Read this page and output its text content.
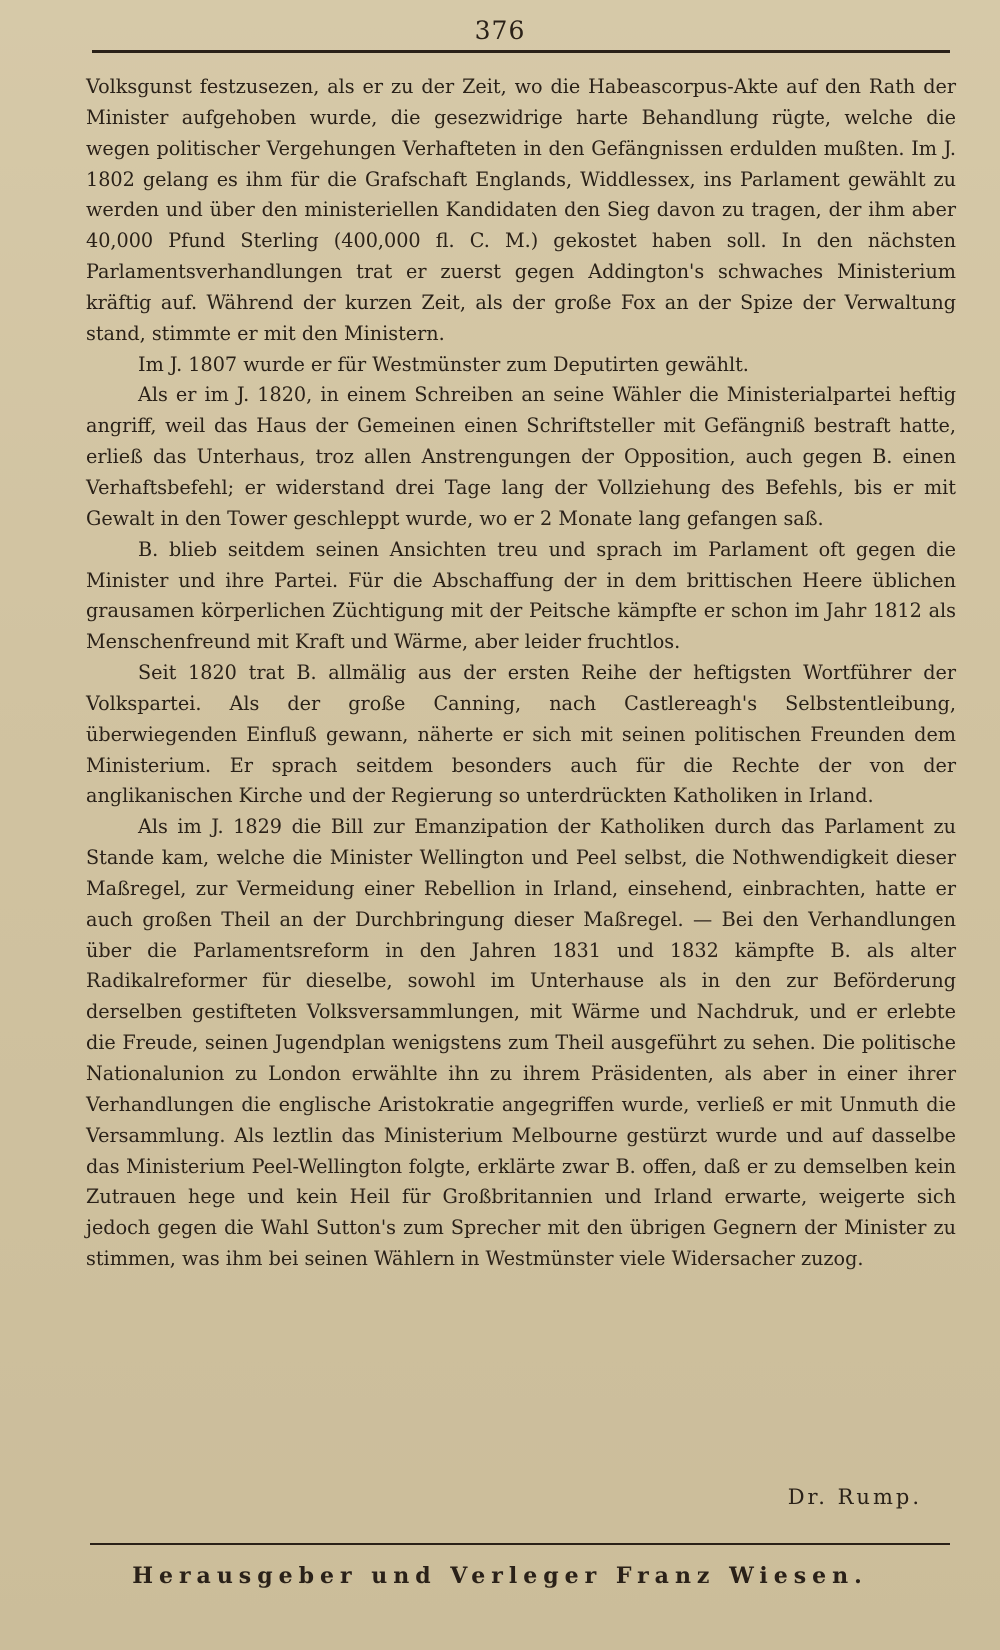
376

Volksgunst festzusezen, als er zu der Zeit, wo die Habeascorpus-Akte auf den Rath der Minister aufgehoben wurde, die gesezwidrige harte Behandlung rügte, welche die wegen politischer Vergehungen Verhafteten in den Gefängnissen erdulden mußten. Im J. 1802 gelang es ihm für die Grafschaft Englands, Widdlessex, ins Parlament gewählt zu werden und über den ministeriellen Kandidaten den Sieg davon zu tragen, der ihm aber 40,000 Pfund Sterling (400,000 fl. C. M.) gekostet haben soll. In den nächsten Parlamentsverhandlungen trat er zuerst gegen Addington's schwaches Ministerium kräftig auf. Während der kurzen Zeit, als der große Fox an der Spize der Verwaltung stand, stimmte er mit den Ministern.

Im J. 1807 wurde er für Westmünster zum Deputirten gewählt.

Als er im J. 1820, in einem Schreiben an seine Wähler die Ministerialpartei heftig angriff, weil das Haus der Gemeinen einen Schriftsteller mit Gefängniß bestraft hatte, erließ das Unterhaus, troz allen Anstrengungen der Opposition, auch gegen B. einen Verhaftsbefehl; er widerstand drei Tage lang der Vollziehung des Befehls, bis er mit Gewalt in den Tower geschleppt wurde, wo er 2 Monate lang gefangen saß.

B. blieb seitdem seinen Ansichten treu und sprach im Parlament oft gegen die Minister und ihre Partei. Für die Abschaffung der in dem brittischen Heere üblichen grausamen körperlichen Züchtigung mit der Peitsche kämpfte er schon im Jahr 1812 als Menschenfreund mit Kraft und Wärme, aber leider fruchtlos.

Seit 1820 trat B. allmälig aus der ersten Reihe der heftigsten Wortführer der Volkspartei. Als der große Canning, nach Castlereagh's Selbstentleibung, überwiegenden Einfluß gewann, näherte er sich mit seinen politischen Freunden dem Ministerium. Er sprach seitdem besonders auch für die Rechte der von der anglikanischen Kirche und der Regierung so unterdrückten Katholiken in Irland.

Als im J. 1829 die Bill zur Emanzipation der Katholiken durch das Parlament zu Stande kam, welche die Minister Wellington und Peel selbst, die Nothwendigkeit dieser Maßregel, zur Vermeidung einer Rebellion in Irland, einsehend, einbrachten, hatte er auch großen Theil an der Durchbringung dieser Maßregel. — Bei den Verhandlungen über die Parlamentsreform in den Jahren 1831 und 1832 kämpfte B. als alter Radikalreformer für dieselbe, sowohl im Unterhause als in den zur Beförderung derselben gestifteten Volksversammlungen, mit Wärme und Nachdruk, und er erlebte die Freude, seinen Jugendplan wenigstens zum Theil ausgeführt zu sehen. Die politische Nationalunion zu London erwählte ihn zu ihrem Präsidenten, als aber in einer ihrer Verhandlungen die englische Aristokratie angegriffen wurde, verließ er mit Unmuth die Versammlung. Als leztlin das Ministerium Melbourne gestürzt wurde und auf dasselbe das Ministerium Peel-Wellington folgte, erklärte zwar B. offen, daß er zu demselben kein Zutrauen hege und kein Heil für Großbritannien und Irland erwarte, weigerte sich jedoch gegen die Wahl Sutton's zum Sprecher mit den übrigen Gegnern der Minister zu stimmen, was ihm bei seinen Wählern in Westmünster viele Widersacher zuzog.

Dr. Rump.
Herausgeber und Verleger Franz Wiesen.
